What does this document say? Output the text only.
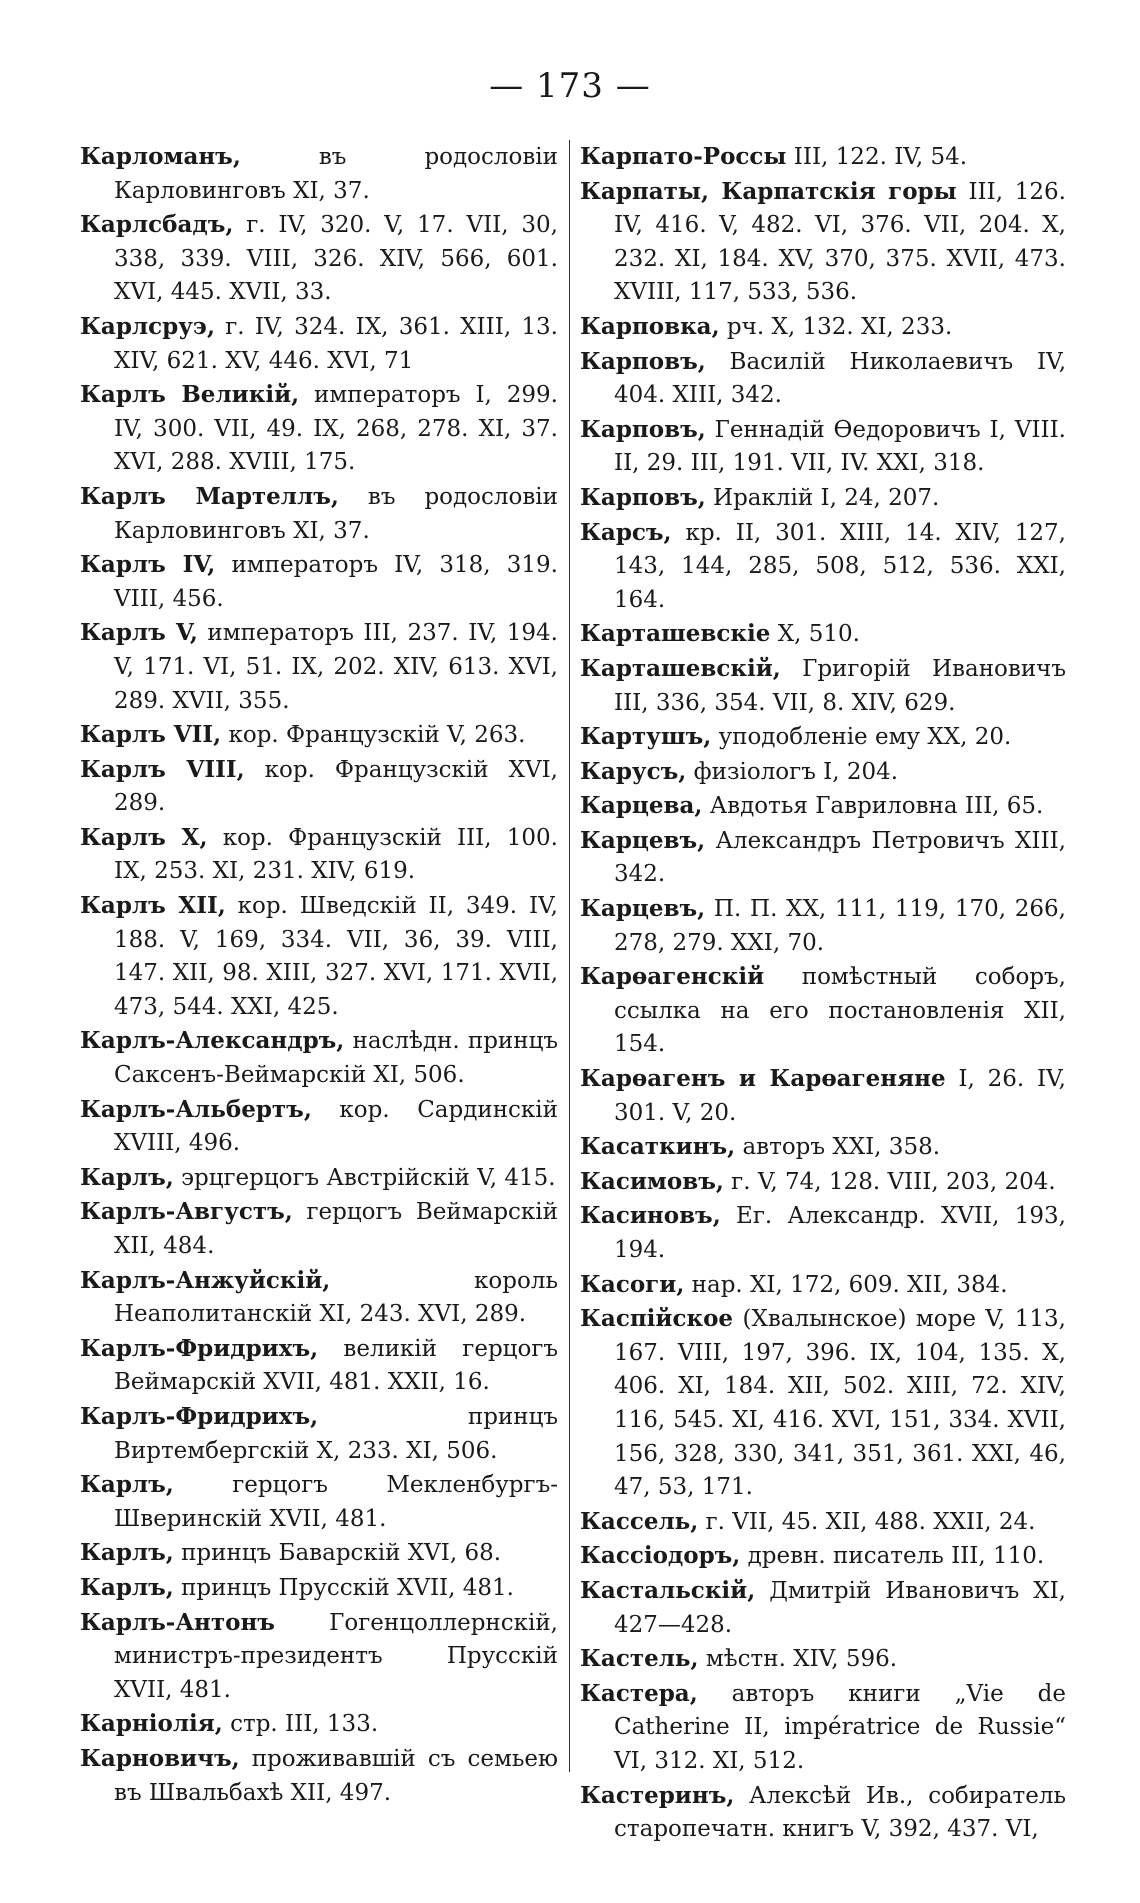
— 173 —
Карломанъ, въ родословіи Карловинговъ XI, 37.
Карлсбадъ, г. IV, 320. V, 17. VII, 30, 338, 339. VIII, 326. XIV, 566, 601. XVI, 445. XVII, 33.
Карлсруэ, г. IV, 324. IX, 361. XIII, 13. XIV, 621. XV, 446. XVI, 71
Карлъ Великій, императоръ I, 299. IV, 300. VII, 49. IX, 268, 278. XI, 37. XVI, 288. XVIII, 175.
Карлъ Мартеллъ, въ родословіи Карловинговъ XI, 37.
Карлъ IV, императоръ IV, 318, 319. VIII, 456.
Карлъ V, императоръ III, 237. IV, 194. V, 171. VI, 51. IX, 202. XIV, 613. XVI, 289. XVII, 355.
Карлъ VII, кор. Французскій V, 263.
Карлъ VIII, кор. Французскій XVI, 289.
Карлъ X, кор. Французскій III, 100. IX, 253. XI, 231. XIV, 619.
Карлъ XII, кор. Шведскій II, 349. IV, 188. V, 169, 334. VII, 36, 39. VIII, 147. XII, 98. XIII, 327. XVI, 171. XVII, 473, 544. XXI, 425.
Карлъ-Александръ, наслѣдн. принцъ Саксенъ-Веймарскій XI, 506.
Карлъ-Альбертъ, кор. Сардинскій XVIII, 496.
Карлъ, эрцгерцогъ Австрійскій V, 415.
Карлъ-Августъ, герцогъ Веймарскій XII, 484.
Карлъ-Анжуйскій, король Неаполитанскій XI, 243. XVI, 289.
Карлъ-Фридрихъ, великій герцогъ Веймарскій XVII, 481. XXII, 16.
Карлъ-Фридрихъ, принцъ Виртембергскій X, 233. XI, 506.
Карлъ, герцогъ Мекленбургъ-Шверинскій XVII, 481.
Карлъ, принцъ Баварскій XVI, 68.
Карлъ, принцъ Прусскій XVII, 481.
Карлъ-Антонъ Гогенцоллернскій, министръ-президентъ Прусскій XVII, 481.
Карніолія, стр. III, 133.
Карновичъ, проживавшій съ семьею въ Швальбахѣ XII, 497.
Карпато-Россы III, 122. IV, 54.
Карпаты, Карпатскія горы III, 126. IV, 416. V, 482. VI, 376. VII, 204. X, 232. XI, 184. XV, 370, 375. XVII, 473. XVIII, 117, 533, 536.
Карповка, рч. X, 132. XI, 233.
Карповъ, Василій Николаевичъ IV, 404. XIII, 342.
Карповъ, Геннадій Өедоровичъ I, VIII. II, 29. III, 191. VII, IV. XXI, 318.
Карповъ, Ираклій I, 24, 207.
Карсъ, кр. II, 301. XIII, 14. XIV, 127, 143, 144, 285, 508, 512, 536. XXI, 164.
Карташевскіе X, 510.
Карташевскій, Григорій Ивановичъ III, 336, 354. VII, 8. XIV, 629.
Картушъ, уподобленіе ему XX, 20.
Карусъ, физіологъ I, 204.
Карцева, Авдотья Гавриловна III, 65.
Карцевъ, Александръ Петровичъ XIII, 342.
Карцевъ, П. П. XX, 111, 119, 170, 266, 278, 279. XXI, 70.
Карөагенскій помѣстный соборъ, ссылка на его постановленія XII, 154.
Карөагенъ и Карөагеняне I, 26. IV, 301. V, 20.
Касаткинъ, авторъ XXI, 358.
Касимовъ, г. V, 74, 128. VIII, 203, 204.
Касиновъ, Ег. Александр. XVII, 193, 194.
Касоги, нар. XI, 172, 609. XII, 384.
Каспійское (Хвалынское) море V, 113, 167. VIII, 197, 396. IX, 104, 135. X, 406. XI, 184. XII, 502. XIII, 72. XIV, 116, 545. XI, 416. XVI, 151, 334. XVII, 156, 328, 330, 341, 351, 361. XXI, 46, 47, 53, 171.
Кассель, г. VII, 45. XII, 488. XXII, 24.
Кассіодоръ, древн. писатель III, 110.
Кастальскій, Дмитрій Ивановичъ XI, 427—428.
Кастель, мѣстн. XIV, 596.
Кастера, авторъ книги „Vie de Catherine II, impératrice de Russie“ VI, 312. XI, 512.
Кастеринъ, Алексѣй Ив., собиратель старопечатн. книгъ V, 392, 437. VI,
